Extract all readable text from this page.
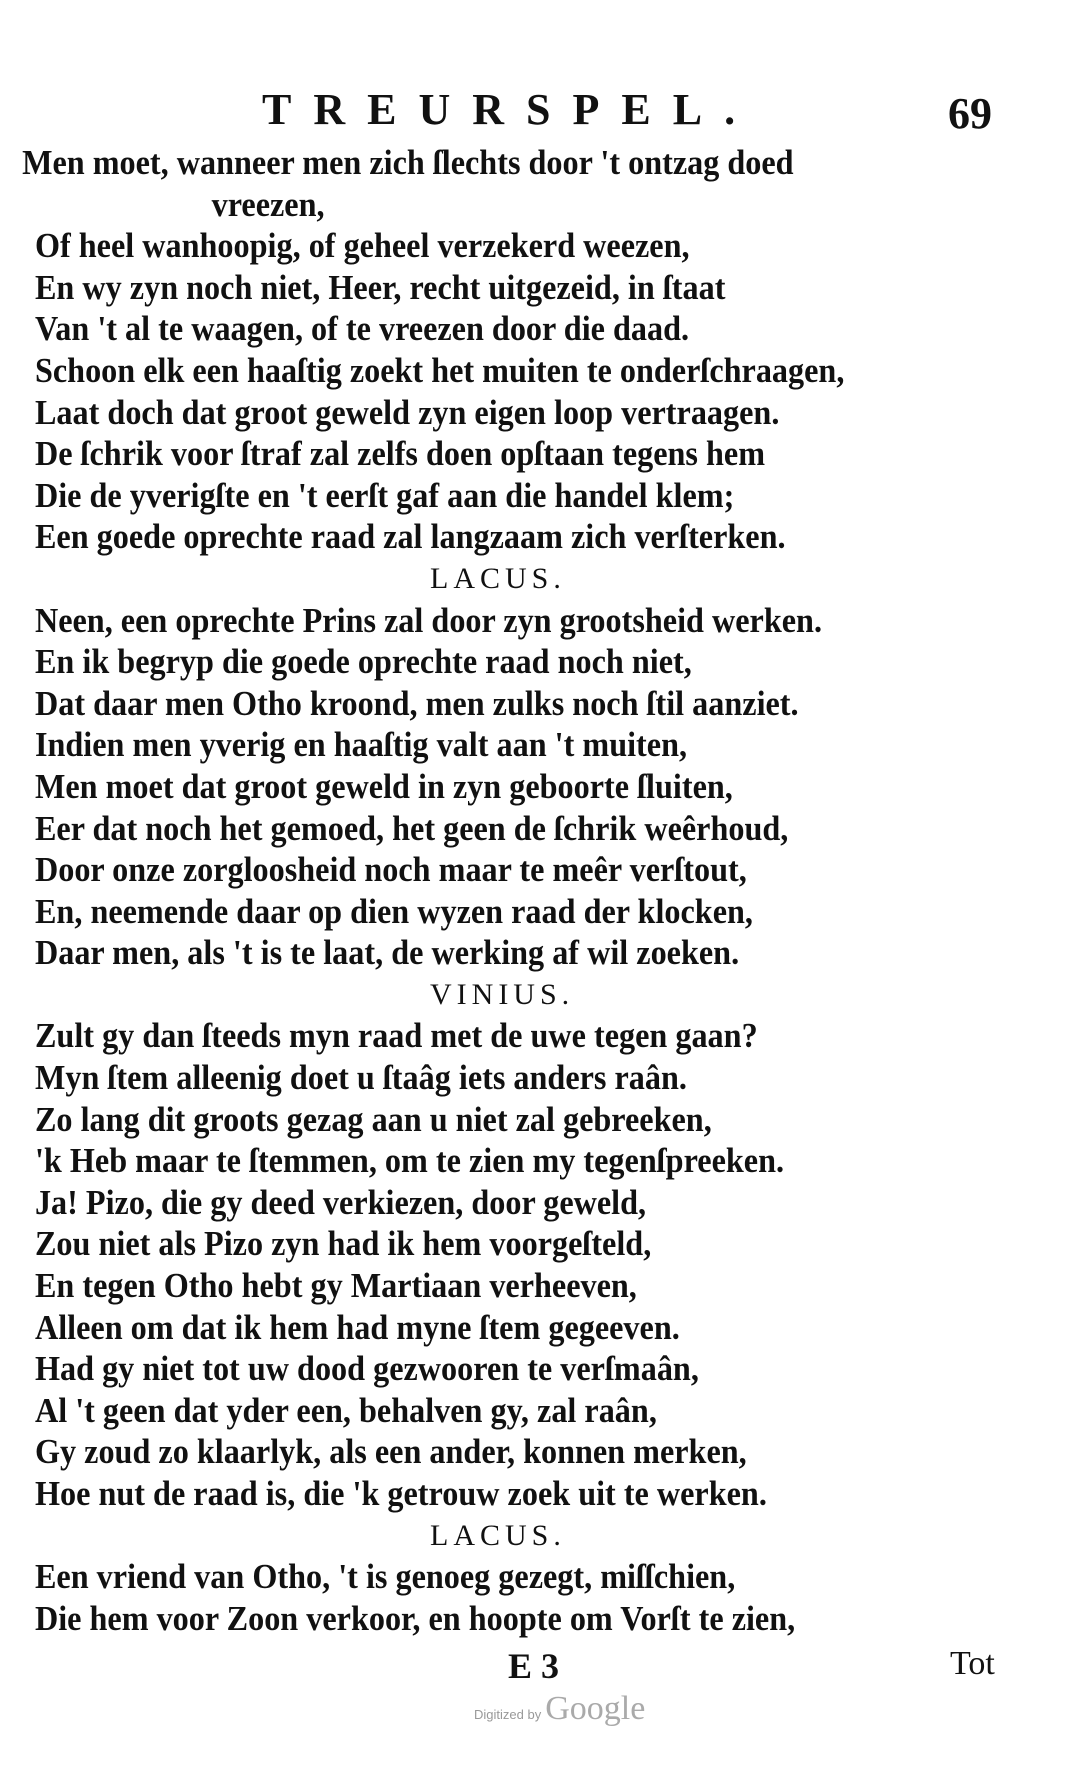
TREURSPEL.	69
Men moet, wanneer men zich ſlechts door 't ontzag doed
vreezen,
Of heel wanhoopig, of geheel verzekerd weezen,
En wy zyn noch niet, Heer, recht uitgezeid, in ſtaat
Van 't al te waagen, of te vreezen door die daad.
Schoon elk een haaſtig zoekt het muiten te onderſchraagen,
Laat doch dat groot geweld zyn eigen loop vertraagen.
De ſchrik voor ſtraf zal zelfs doen opſtaan tegens hem
Die de yverigſte en 't eerſt gaf aan die handel klem;
Een goede oprechte raad zal langzaam zich verſterken.
LACUS.
Neen, een oprechte Prins zal door zyn grootsheid werken.
En ik begryp die goede oprechte raad noch niet,
Dat daar men Otho kroond, men zulks noch ſtil aanziet.
Indien men yverig en haaſtig valt aan 't muiten,
Men moet dat groot geweld in zyn geboorte ſluiten,
Eer dat noch het gemoed, het geen de ſchrik weêrhoud,
Door onze zorgloosheid noch maar te meêr verſtout,
En, neemende daar op dien wyzen raad der klocken,
Daar men, als 't is te laat, de werking af wil zoeken.
VINIUS.
Zult gy dan ſteeds myn raad met de uwe tegen gaan?
Myn ſtem alleenig doet u ſtaâg iets anders raân.
Zo lang dit groots gezag aan u niet zal gebreeken,
'k Heb maar te ſtemmen, om te zien my tegenſpreeken.
Ja! Pizo, die gy deed verkiezen, door geweld,
Zou niet als Pizo zyn had ik hem voorgeſteld,
En tegen Otho hebt gy Martiaan verheeven,
Alleen om dat ik hem had myne ſtem gegeeven.
Had gy niet tot uw dood gezwooren te verſmaân,
Al 't geen dat yder een, behalven gy, zal raân,
Gy zoud zo klaarlyk, als een ander, konnen merken,
Hoe nut de raad is, die 'k getrouw zoek uit te werken.
LACUS.
Een vriend van Otho, 't is genoeg gezegt, miſſchien,
Die hem voor Zoon verkoor, en hoopte om Vorſt te zien,
E 3	Tot
Digitized by Google
